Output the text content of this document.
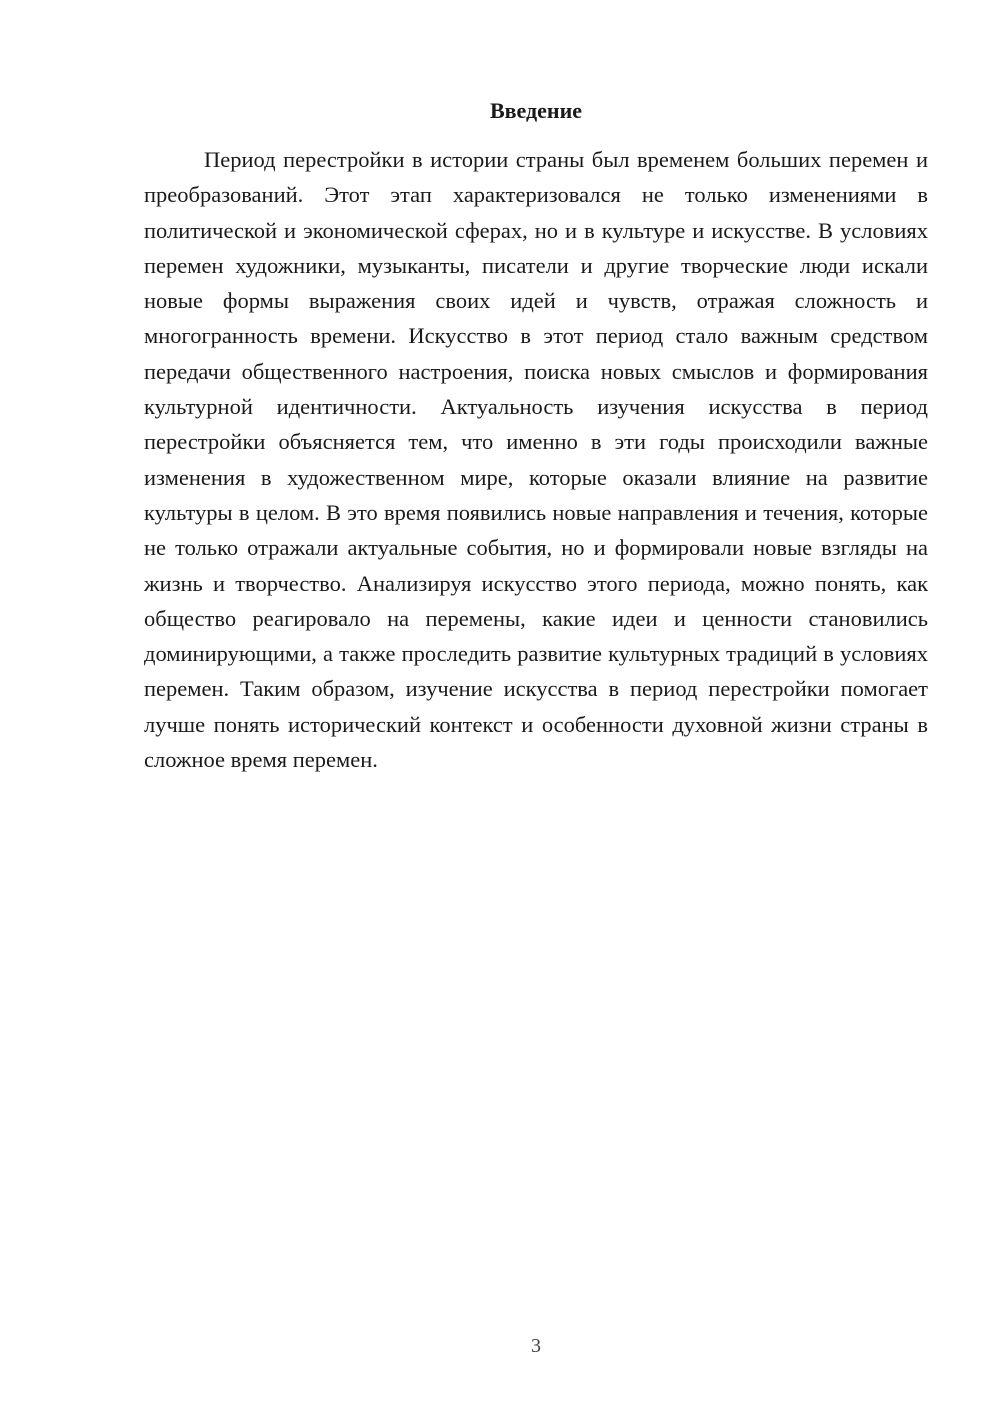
Введение

Период перестройки в истории страны был временем больших перемен и преобразований. Этот этап характеризовался не только изменениями в политической и экономической сферах, но и в культуре и искусстве. В условиях перемен художники, музыканты, писатели и другие творческие люди искали новые формы выражения своих идей и чувств, отражая сложность и многогранность времени. Искусство в этот период стало важным средством передачи общественного настроения, поиска новых смыслов и формирования культурной идентичности. Актуальность изучения искусства в период перестройки объясняется тем, что именно в эти годы происходили важные изменения в художественном мире, которые оказали влияние на развитие культуры в целом. В это время появились новые направления и течения, которые не только отражали актуальные события, но и формировали новые взгляды на жизнь и творчество. Анализируя искусство этого периода, можно понять, как общество реагировало на перемены, какие идеи и ценности становились доминирующими, а также проследить развитие культурных традиций в условиях перемен. Таким образом, изучение искусства в период перестройки помогает лучше понять исторический контекст и особенности духовной жизни страны в сложное время перемен.

3
